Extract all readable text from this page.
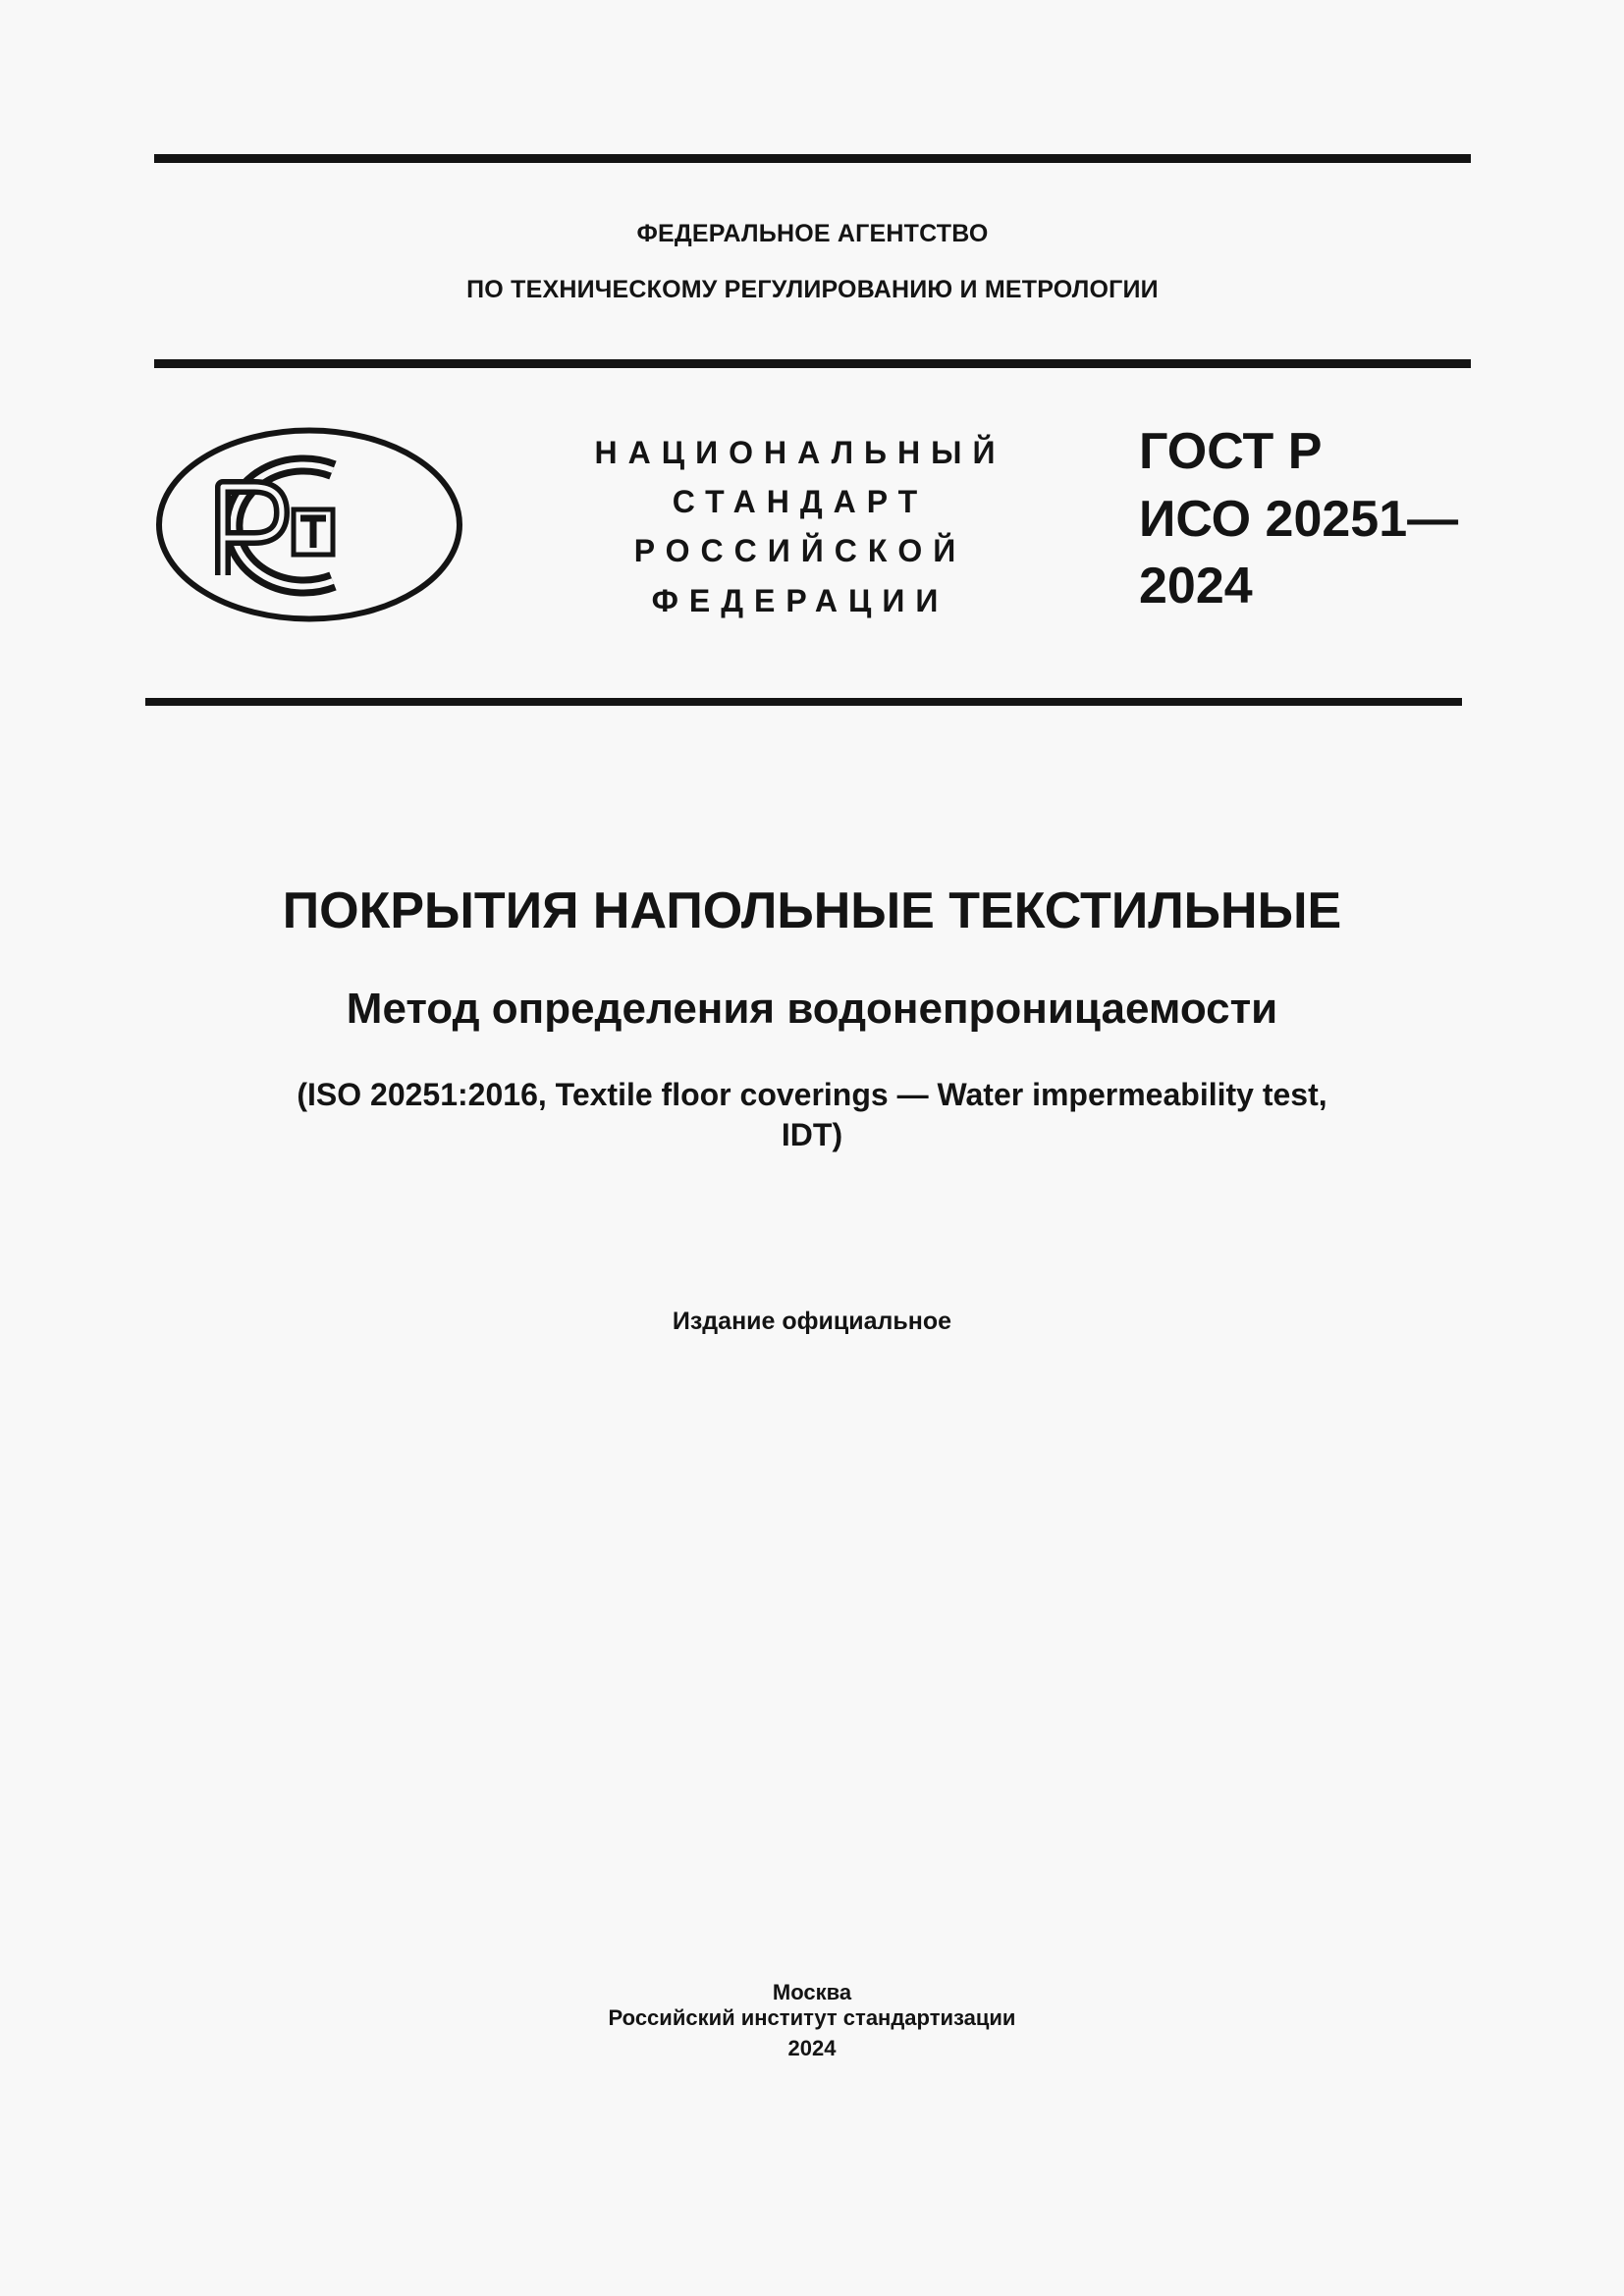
ФЕДЕРАЛЬНОЕ АГЕНТСТВО
ПО ТЕХНИЧЕСКОМУ РЕГУЛИРОВАНИЮ И МЕТРОЛОГИИ
НАЦИОНАЛЬНЫЙ
СТАНДАРТ
РОССИЙСКОЙ
ФЕДЕРАЦИИ
ГОСТ Р
ИСО 20251—
2024
ПОКРЫТИЯ НАПОЛЬНЫЕ ТЕКСТИЛЬНЫЕ
Метод определения водонепроницаемости
(ISO 20251:2016, Textile floor coverings — Water impermeability test,
IDT)
Издание официальное
Москва
Российский институт стандартизации
2024
